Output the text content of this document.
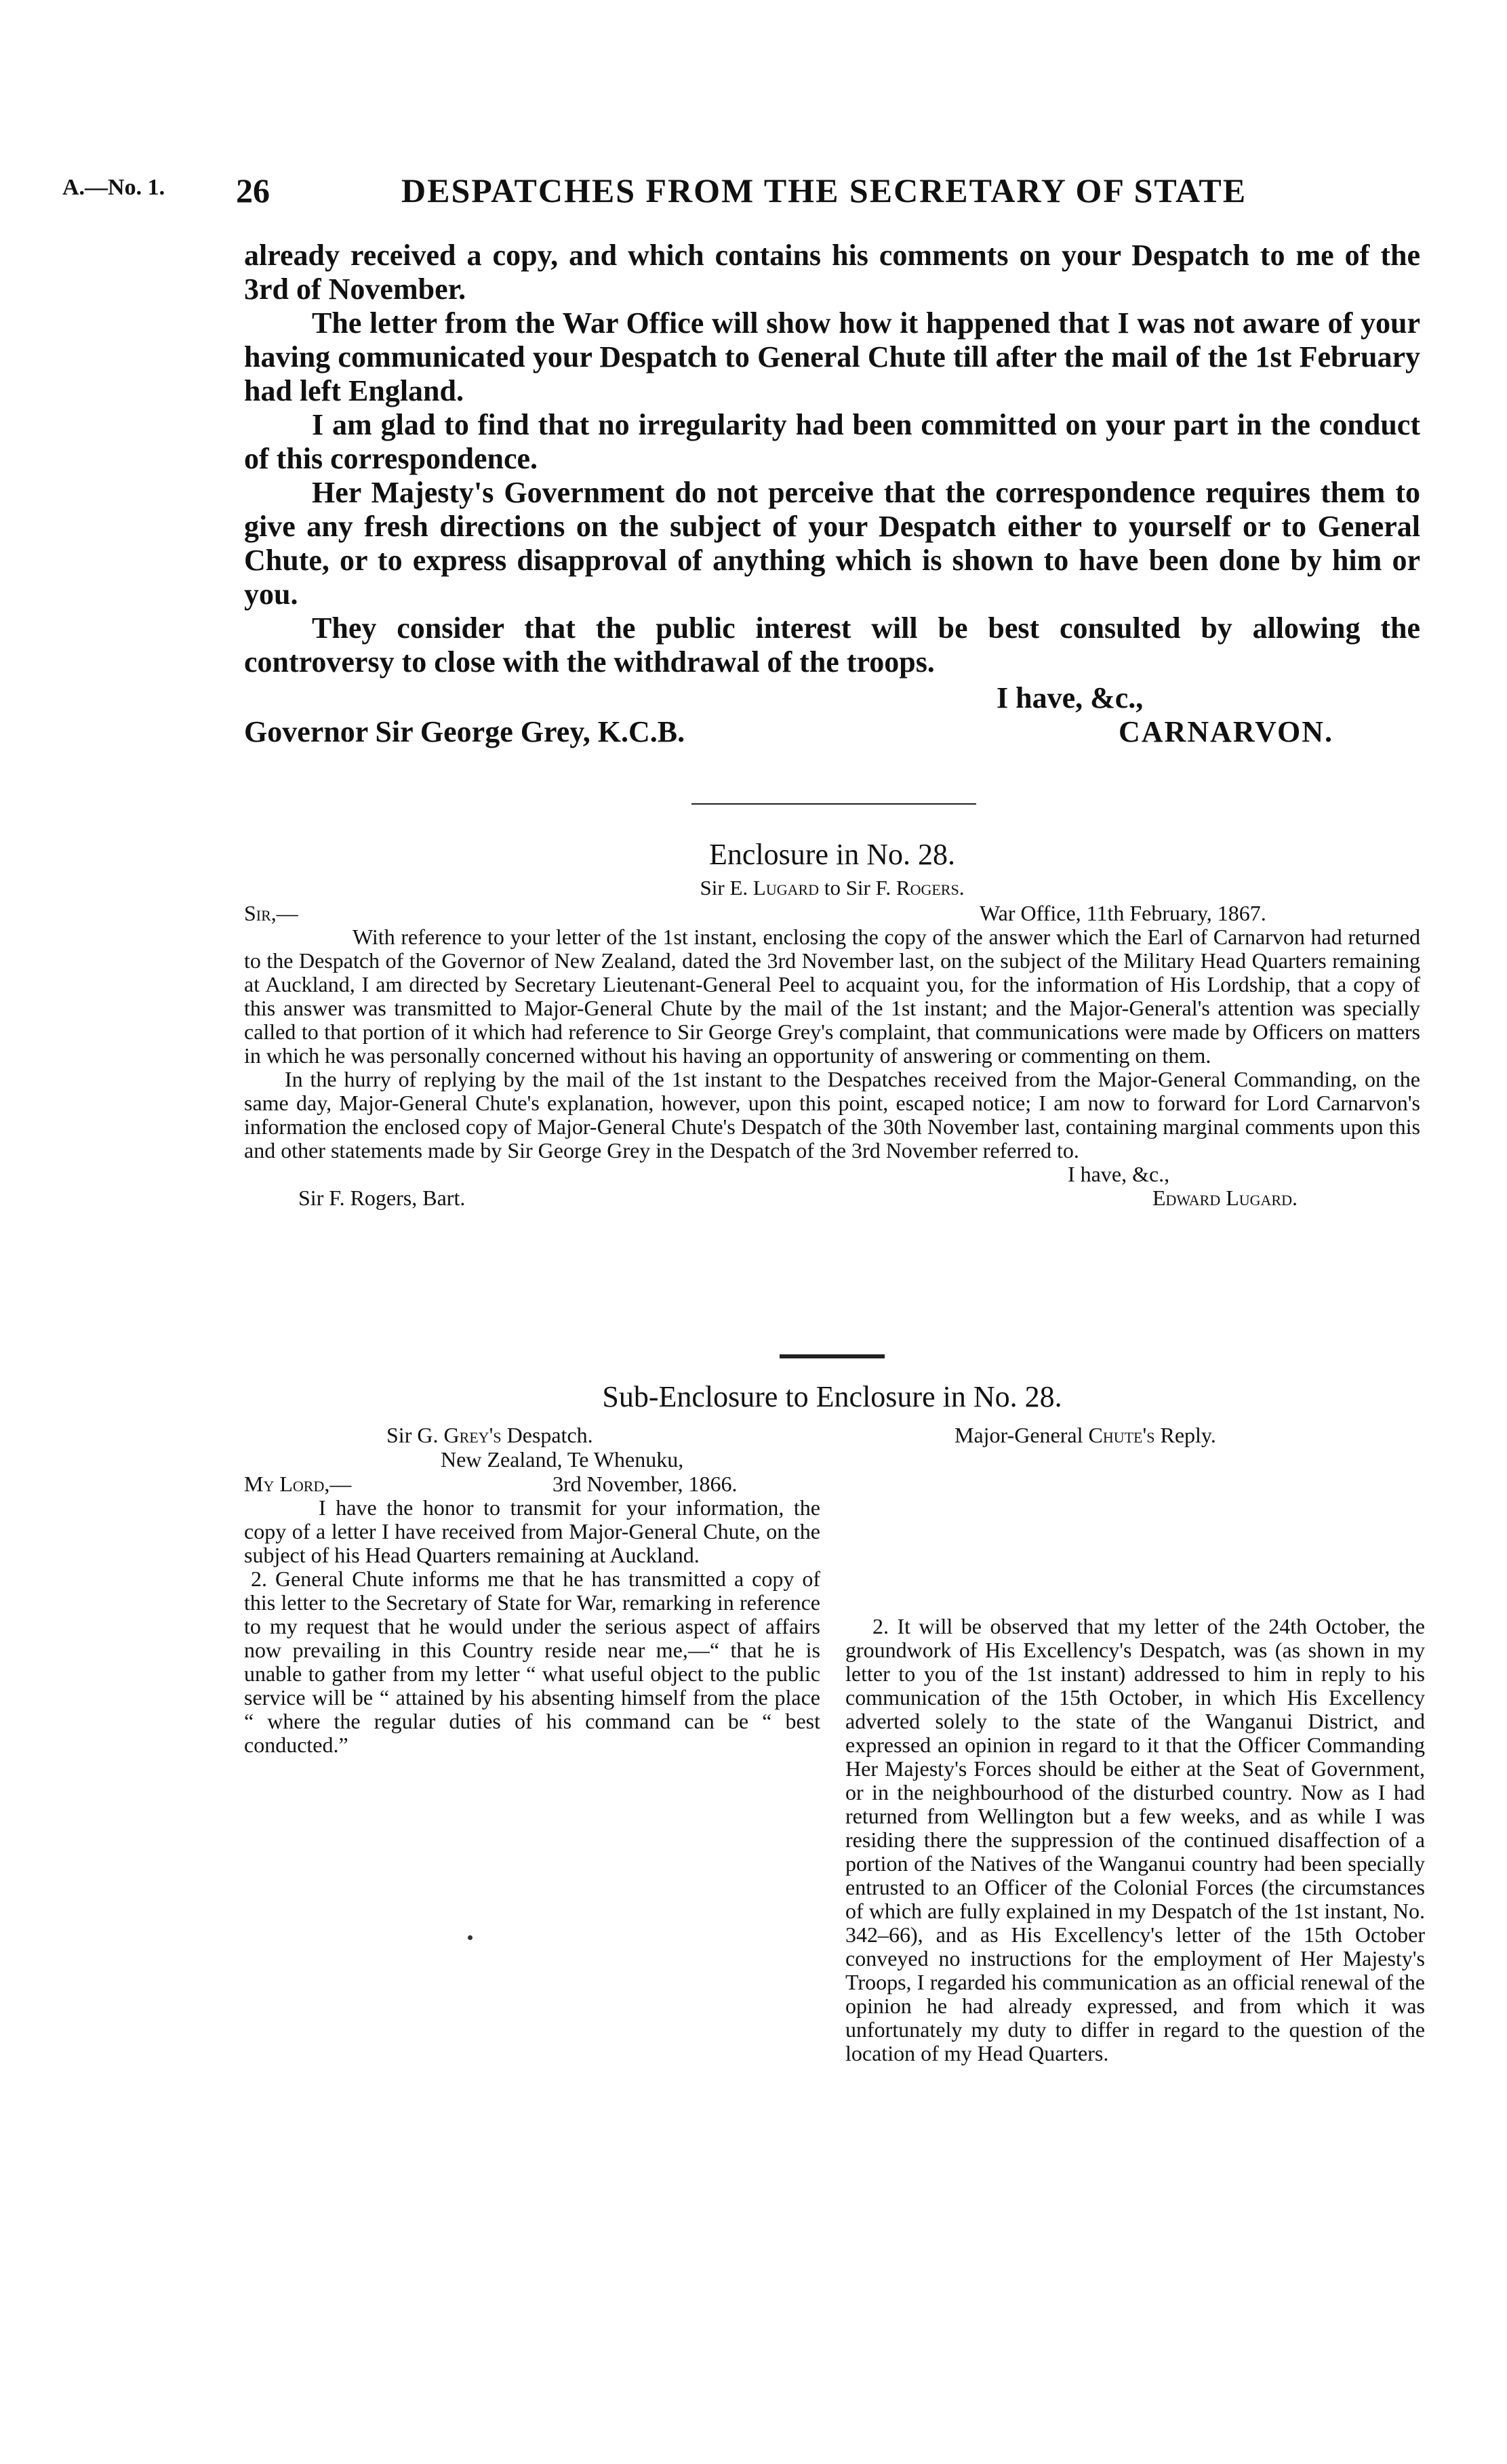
A.—No. 1. 26	DESPATCHES FROM THE SECRETARY OF STATE

already received a copy, and which contains his comments on your Despatch to me of the 3rd of November.

The letter from the War Office will show how it happened that I was not aware of your having communicated your Despatch to General Chute till after the mail of the 1st February had left England.

I am glad to find that no irregularity had been committed on your part in the conduct of this correspondence.

Her Majesty's Government do not perceive that the correspondence requires them to give any fresh directions on the subject of your Despatch either to yourself or to General Chute, or to express disapproval of anything which is shown to have been done by him or you.

They consider that the public interest will be best consulted by allowing the controversy to close with the withdrawal of the troops.

I have, &c.,
Governor Sir George Grey, K.C.B.	CARNARVON.
Enclosure in No. 28.
Sir E. Lugard to Sir F. Rogers.
Sir,—	War Office, 11th February, 1867.

With reference to your letter of the 1st instant, enclosing the copy of the answer which the Earl of Carnarvon had returned to the Despatch of the Governor of New Zealand, dated the 3rd November last, on the subject of the Military Head Quarters remaining at Auckland, I am directed by Secretary Lieutenant-General Peel to acquaint you, for the information of His Lordship, that a copy of this answer was transmitted to Major-General Chute by the mail of the 1st instant; and the Major-General's attention was specially called to that portion of it which had reference to Sir George Grey's complaint, that communications were made by Officers on matters in which he was personally concerned without his having an opportunity of answering or commenting on them.

In the hurry of replying by the mail of the 1st instant to the Despatches received from the Major-General Commanding, on the same day, Major-General Chute's explanation, however, upon this point, escaped notice; I am now to forward for Lord Carnarvon's information the enclosed copy of Major-General Chute's Despatch of the 30th November last, containing marginal comments upon this and other statements made by Sir George Grey in the Despatch of the 3rd November referred to.

I have, &c.,
Sir F. Rogers, Bart.	Edward Lugard.
Sub-Enclosure to Enclosure in No. 28.
Sir G. Grey's Despatch.	Major-General Chute's Reply.
New Zealand, Te Whenuku,
My Lord,—	3rd November, 1866.

I have the honor to transmit for your information, the copy of a letter I have received from Major-General Chute, on the subject of his Head Quarters remaining at Auckland.

2. General Chute informs me that he has transmitted a copy of this letter to the Secretary of State for War, remarking in reference to my request that he would under the serious aspect of affairs now prevailing in this Country reside near me,—“ that he is unable to gather from my letter “ what useful object to the public service will be “ attained by his absenting himself from the place “ where the regular duties of his command can be “ best conducted.”

2. It will be observed that my letter of the 24th October, the groundwork of His Excellency's Despatch, was (as shown in my letter to you of the 1st instant) addressed to him in reply to his communication of the 15th October, in which His Excellency adverted solely to the state of the Wanganui District, and expressed an opinion in regard to it that the Officer Commanding Her Majesty's Forces should be either at the Seat of Government, or in the neighbourhood of the disturbed country. Now as I had returned from Wellington but a few weeks, and as while I was residing there the suppression of the continued disaffection of a portion of the Natives of the Wanganui country had been specially entrusted to an Officer of the Colonial Forces (the circumstances of which are fully explained in my Despatch of the 1st instant, No. 342–66), and as His Excellency's letter of the 15th October conveyed no instructions for the employment of Her Majesty's Troops, I regarded his communication as an official renewal of the opinion he had already expressed, and from which it was unfortunately my duty to differ in regard to the question of the location of my Head Quarters.
